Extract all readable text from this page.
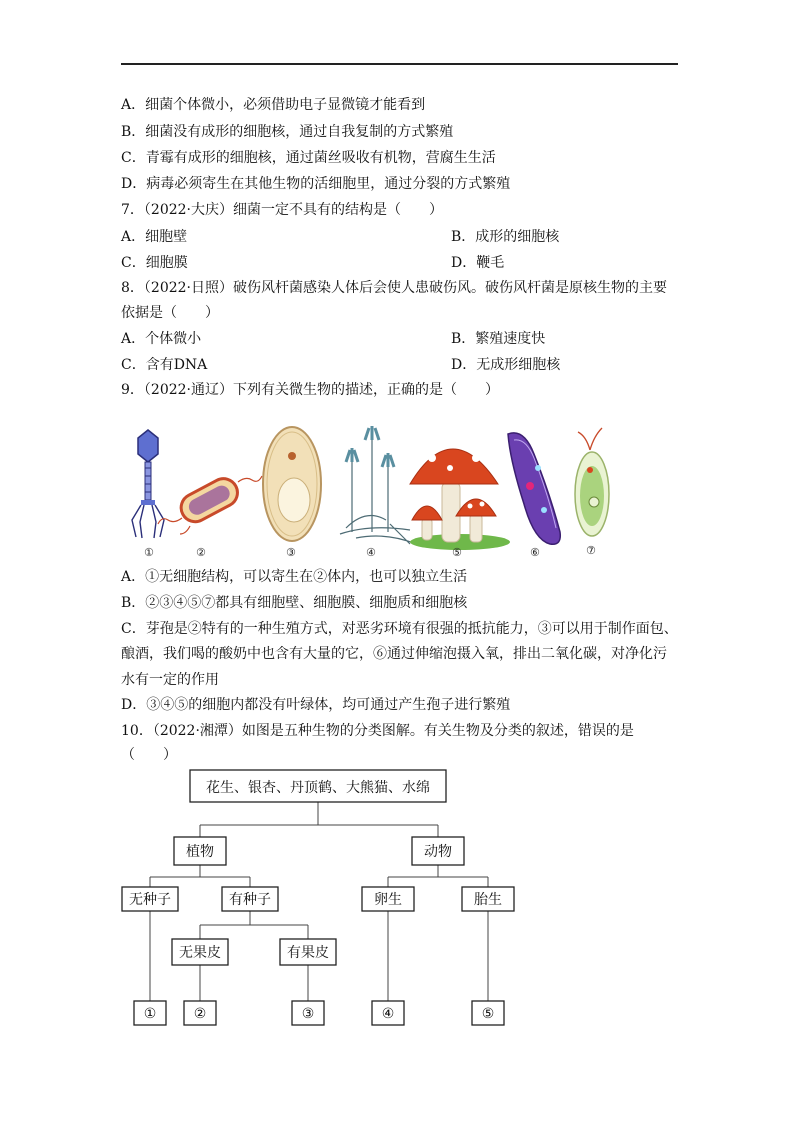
A．细菌个体微小，必须借助电子显微镜才能看到
B．细菌没有成形的细胞核，通过自我复制的方式繁殖
C．青霉有成形的细胞核，通过菌丝吸收有机物，营腐生生活
D．病毒必须寄生在其他生物的活细胞里，通过分裂的方式繁殖
7．（2022·大庆）细菌一定不具有的结构是（　　）
A．细胞壁	B．成形的细胞核
C．细胞膜	D．鞭毛
8．（2022·日照）破伤风杆菌感染人体后会使人患破伤风。破伤风杆菌是原核生物的主要
依据是（　　）
A．个体微小	B．繁殖速度快
C．含有DNA	D．无成形细胞核
9．（2022·通辽）下列有关微生物的描述，正确的是（　　）
①	②	③	④	⑤	⑥	⑦
A．①无细胞结构，可以寄生在②体内，也可以独立生活
B．②③④⑤⑦都具有细胞壁、细胞膜、细胞质和细胞核
C．芽孢是②特有的一种生殖方式，对恶劣环境有很强的抵抗能力，③可以用于制作面包、
酿酒，我们喝的酸奶中也含有大量的它，⑥通过伸缩泡摄入氧，排出二氧化碳，对净化污
水有一定的作用
D．③④⑤的细胞内都没有叶绿体，均可通过产生孢子进行繁殖
10．（2022·湘潭）如图是五种生物的分类图解。有关生物及分类的叙述，错误的是
（　　）
花生、银杏、丹顶鹤、大熊猫、水绵
植物	动物
无种子	有种子	卵生	胎生
无果皮	有果皮
①	②	③	④	⑤
